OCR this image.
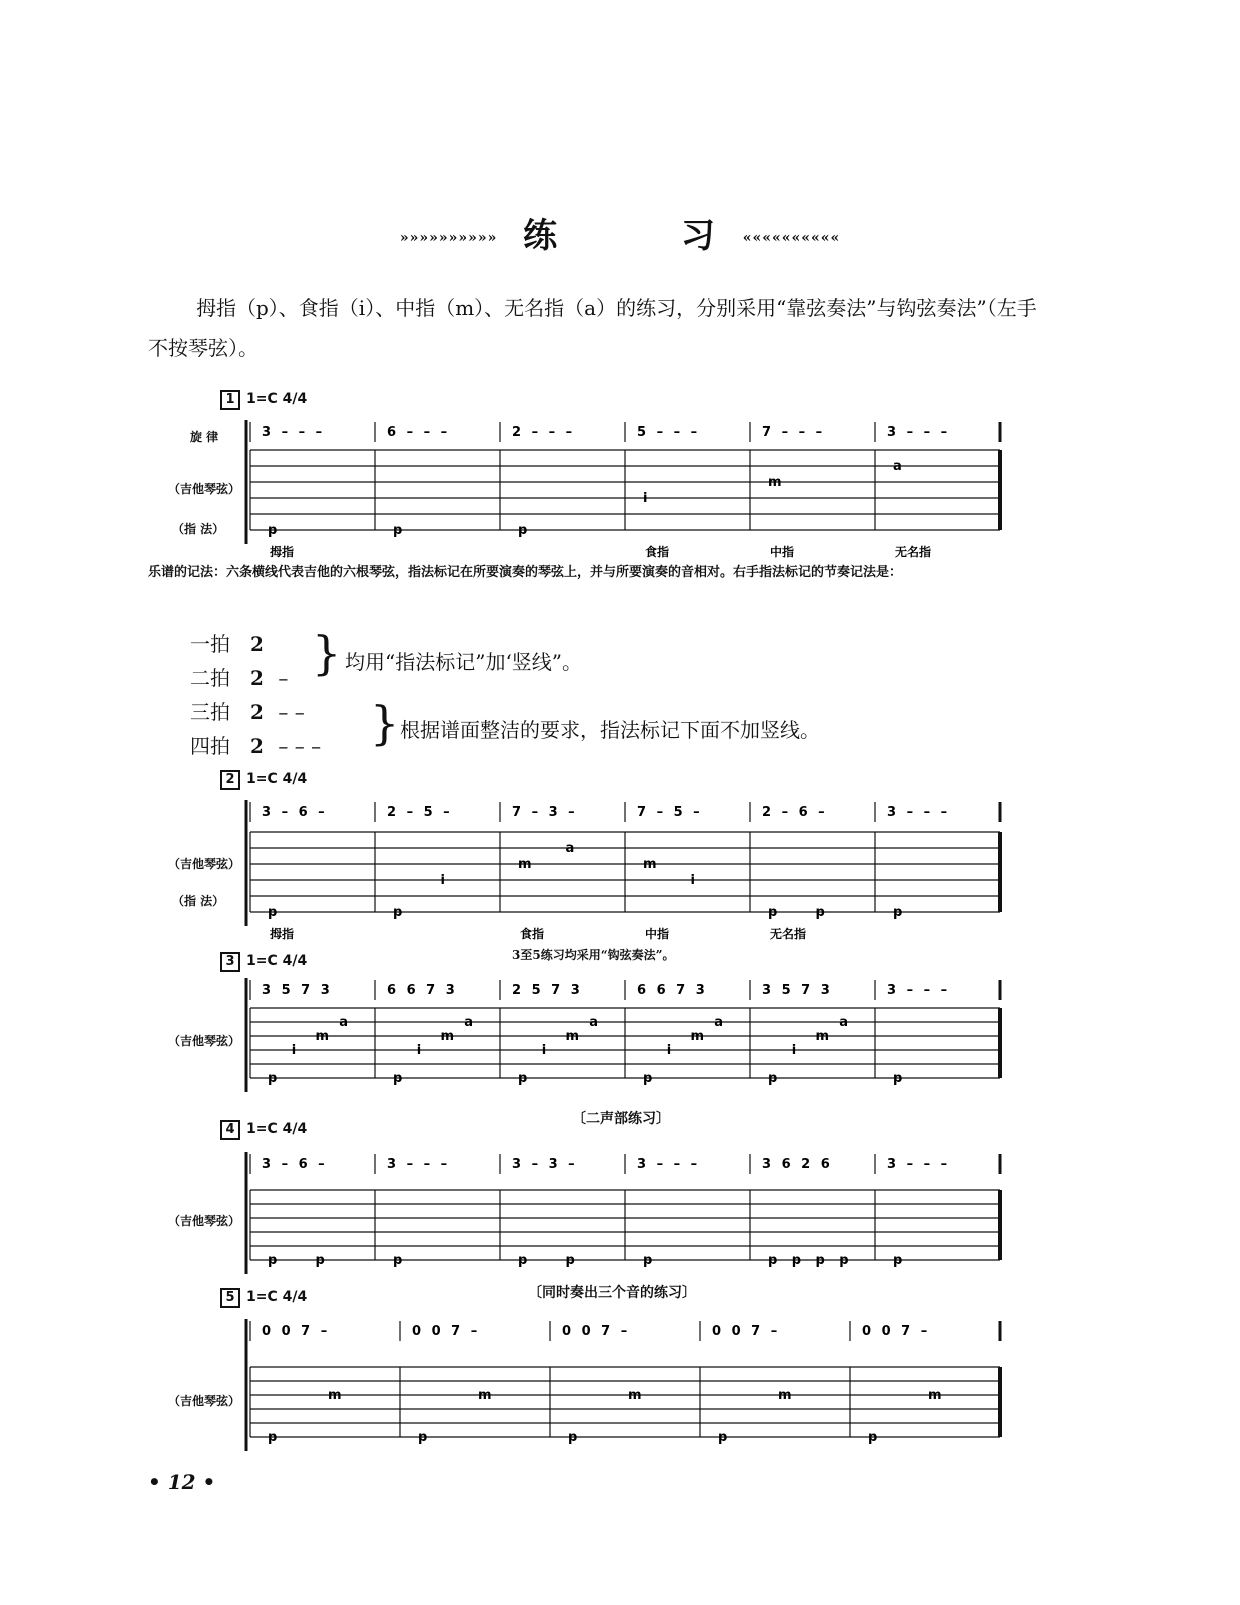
»»»»»»»»»» 练	习 ««««««««««
拇指（p）、食指（i）、中指（m）、无名指（a）的练习，分别采用“靠弦奏法”与钩弦奏法”（左手不按琴弦）。
1 1=C 4/4
旋 律
（吉他琴弦）
（指 法）
3 – – –	6 – – –	2 – – –	5 – – –	7 – – –	3 – – –
p	p	p
i
m
a
拇指	食指	中指	无名指
乐谱的记法：六条横线代表吉他的六根琴弦，指法标记在所要演奏的琴弦上，并与所要演奏的音相对。右手指法标记的节奏记法是：
一拍 2
二拍 2 –
三拍 2 – –
四拍 2 – – –
} 均用“指法标记”加‘竖线”。
} 根据谱面整洁的要求，指法标记下面不加竖线。
2 1=C 4/4
（吉他琴弦）
（指 法）
3 – 6 –	2 – 5 –	7 – 3 –	7 – 5 –	2 – 6 –	3 – – –
p	p
i
m
a
m
i
p	p	p
拇指	食指	中指	无名指
3 1=C 4/4	3至5练习均采用“钩弦奏法”。
（吉他琴弦）
3 5 7 3	6 6 7 3	2 5 7 3	6 6 7 3	3 5 7 3	3 – – –
p
i
m
a
p
i
m
a
p
i
m
a
p
i
m
a
p
i
m
a
p
〔二声部练习〕
4 1=C 4/4
（吉他琴弦）
3 – 6 –	3 – – –	3 – 3 –	3 – – –	3 6 2 6	3 – – –
p	p	p	p	p	p	p p p p	p
〔同时奏出三个音的练习〕
5 1=C 4/4
（吉他琴弦）
0 0 7 –	0 0 7 –	0 0 7 –	0 0 7 –	0 0 7 –
p
m
p
m
p
m
p
m
p
m
• 12 •
